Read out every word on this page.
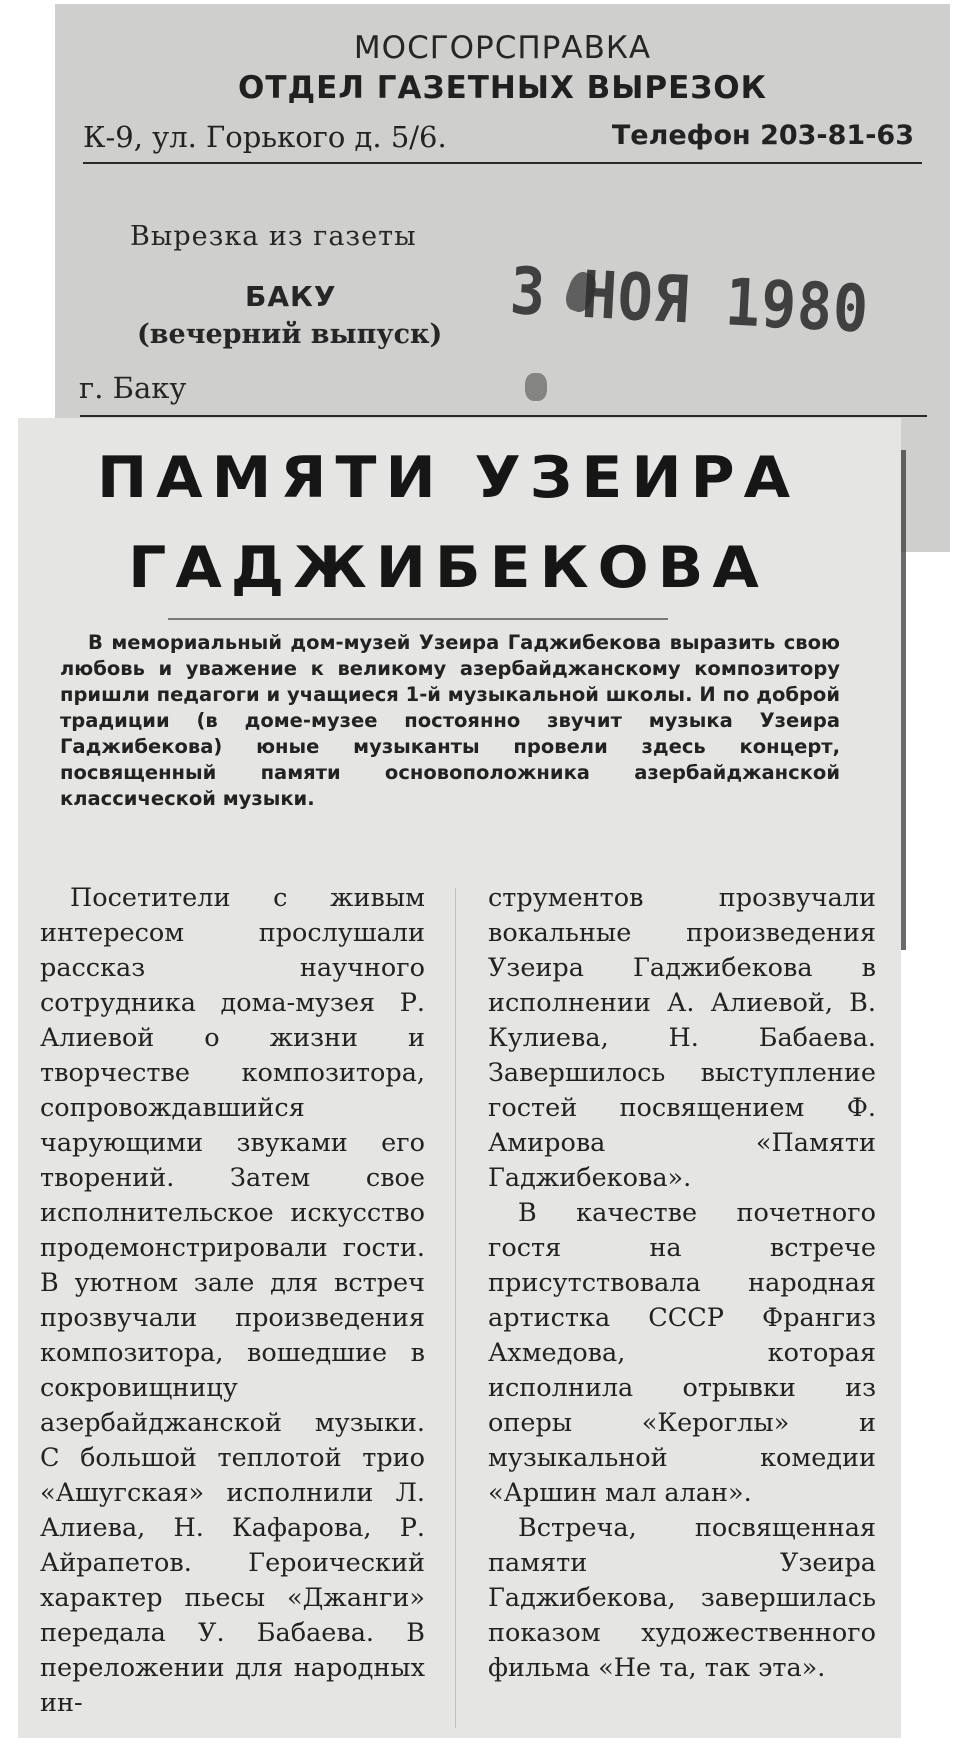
МОСГОРСПРАВКА
ОТДЕЛ ГАЗЕТНЫХ ВЫРЕЗОК
К-9, ул. Горького д. 5/6.	Телефон 203-81-63
Вырезка из газеты
БАКУ
(вечерний выпуск)
г. Баку
3 НОЯ 1980
ПАМЯТИ УЗЕИРА
ГАДЖИБЕКОВА
В мемориальный дом-музей Узеира Гаджибекова выразить свою любовь и уважение к великому азербайджанскому композитору пришли педагоги и учащиеся 1-й музыкальной школы. И по доброй традиции (в доме-музее постоянно звучит музыка Узеира Гаджибекова) юные музыканты провели здесь концерт, посвященный памяти основоположника азербайджанской классической музыки.

Посетители с живым интересом прослушали рассказ научного сотрудника дома-музея Р. Алиевой о жизни и творчестве композитора, сопровождавшийся чарующими звуками его творений. Затем свое исполнительское искусство продемонстрировали гости. В уютном зале для встреч прозвучали произведения композитора, вошедшие в сокровищницу азербайджанской музыки. С большой теплотой трио «Ашугская» исполнили Л. Алиева, Н. Кафарова, Р. Айрапетов. Героический характер пьесы «Джанги» передала У. Бабаева. В переложении для народных ин-

струментов прозвучали вокальные произведения Узеира Гаджибекова в исполнении А. Алиевой, В. Кулиева, Н. Бабаева. Завершилось выступление гостей посвящением Ф. Амирова «Памяти Гаджибекова».

В качестве почетного гостя на встрече присутствовала народная артистка СССР Франгиз Ахмедова, которая исполнила отрывки из оперы «Кероглы» и музыкальной комедии «Аршин мал алан».

Встреча, посвященная памяти Узеира Гаджибекова, завершилась показом художественного фильма «Не та, так эта».
